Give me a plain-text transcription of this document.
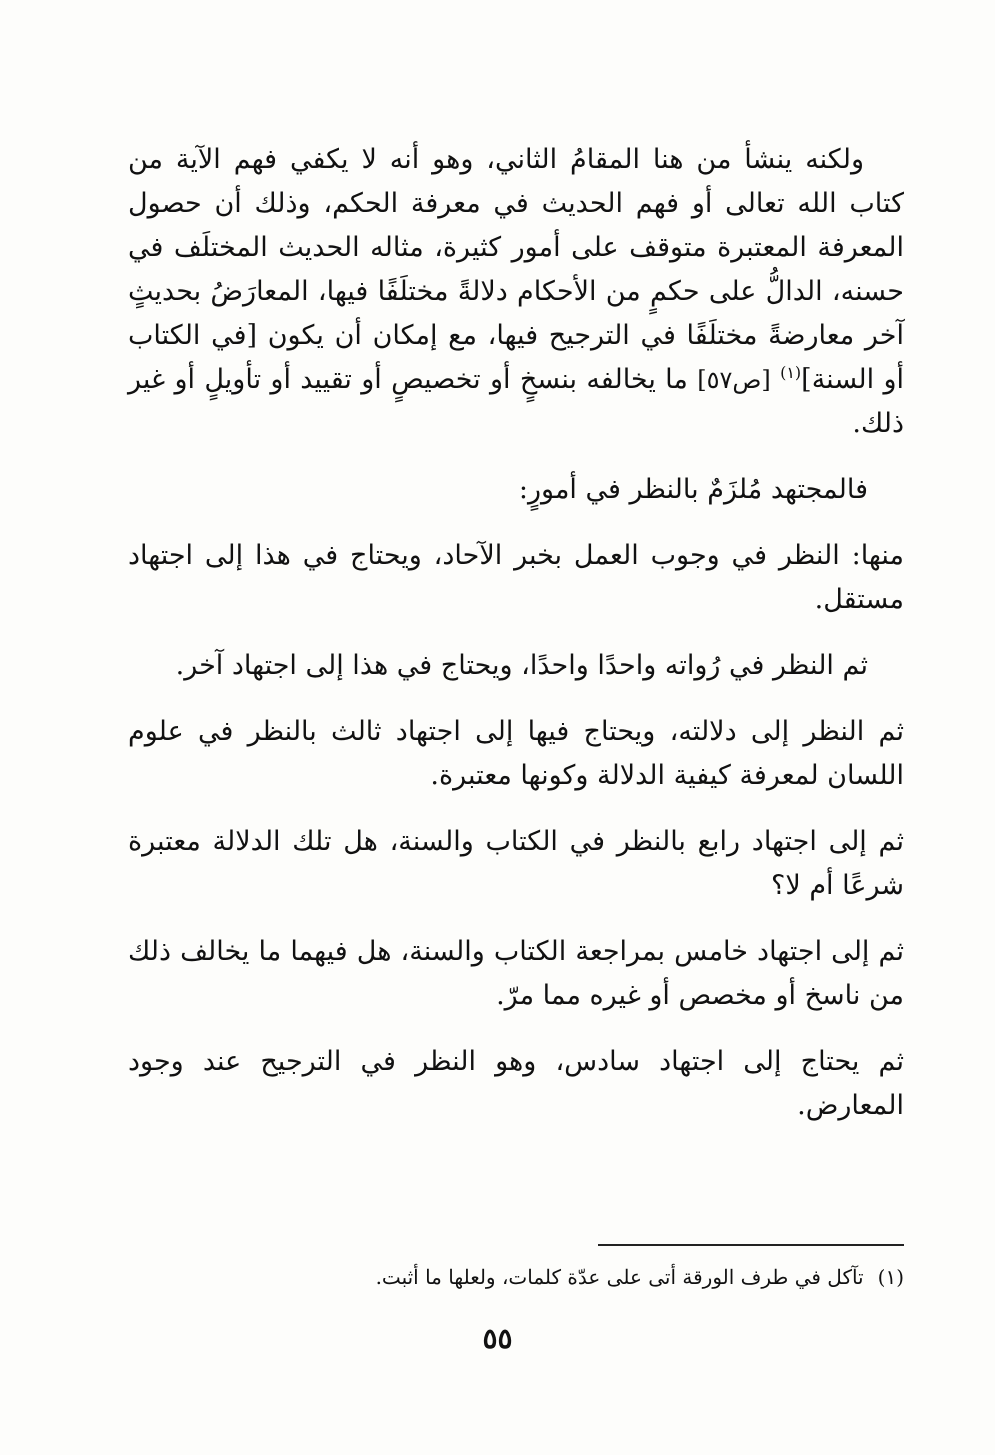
ولكنه ينشأ من هنا المقامُ الثاني، وهو أنه لا يكفي فهم الآية من كتاب الله تعالى أو فهم الحديث في معرفة الحكم، وذلك أن حصول المعرفة المعتبرة متوقف على أمور كثيرة، مثاله الحديث المختلَف في حسنه، الدالُّ على حكمٍ من الأحكام دلالةً مختلَفًا فيها، المعارَضُ بحديثٍ آخر معارضةً مختلَفًا في الترجيح فيها، مع إمكان أن يكون [في الكتاب أو السنة]$^{(١)}$ [ص٥٧] ما يخالفه بنسخٍ أو تخصيصٍ أو تقييد أو تأويلٍ أو غير ذلك.

فالمجتهد مُلزَمٌ بالنظر في أمورٍ:

منها: النظر في وجوب العمل بخبر الآحاد، ويحتاج في هذا إلى اجتهاد مستقل.

ثم النظر في رُواته واحدًا واحدًا، ويحتاج في هذا إلى اجتهاد آخر.

ثم النظر إلى دلالته، ويحتاج فيها إلى اجتهاد ثالث بالنظر في علوم اللسان لمعرفة كيفية الدلالة وكونها معتبرة.

ثم إلى اجتهاد رابع بالنظر في الكتاب والسنة، هل تلك الدلالة معتبرة شرعًا أم لا؟

ثم إلى اجتهاد خامس بمراجعة الكتاب والسنة، هل فيهما ما يخالف ذلك من ناسخ أو مخصص أو غيره مما مرّ.

ثم يحتاج إلى اجتهاد سادس، وهو النظر في الترجيح عند وجود المعارض.

(١)تآكل في طرف الورقة أتى على عدّة كلمات، ولعلها ما أثبت.
٥٥
